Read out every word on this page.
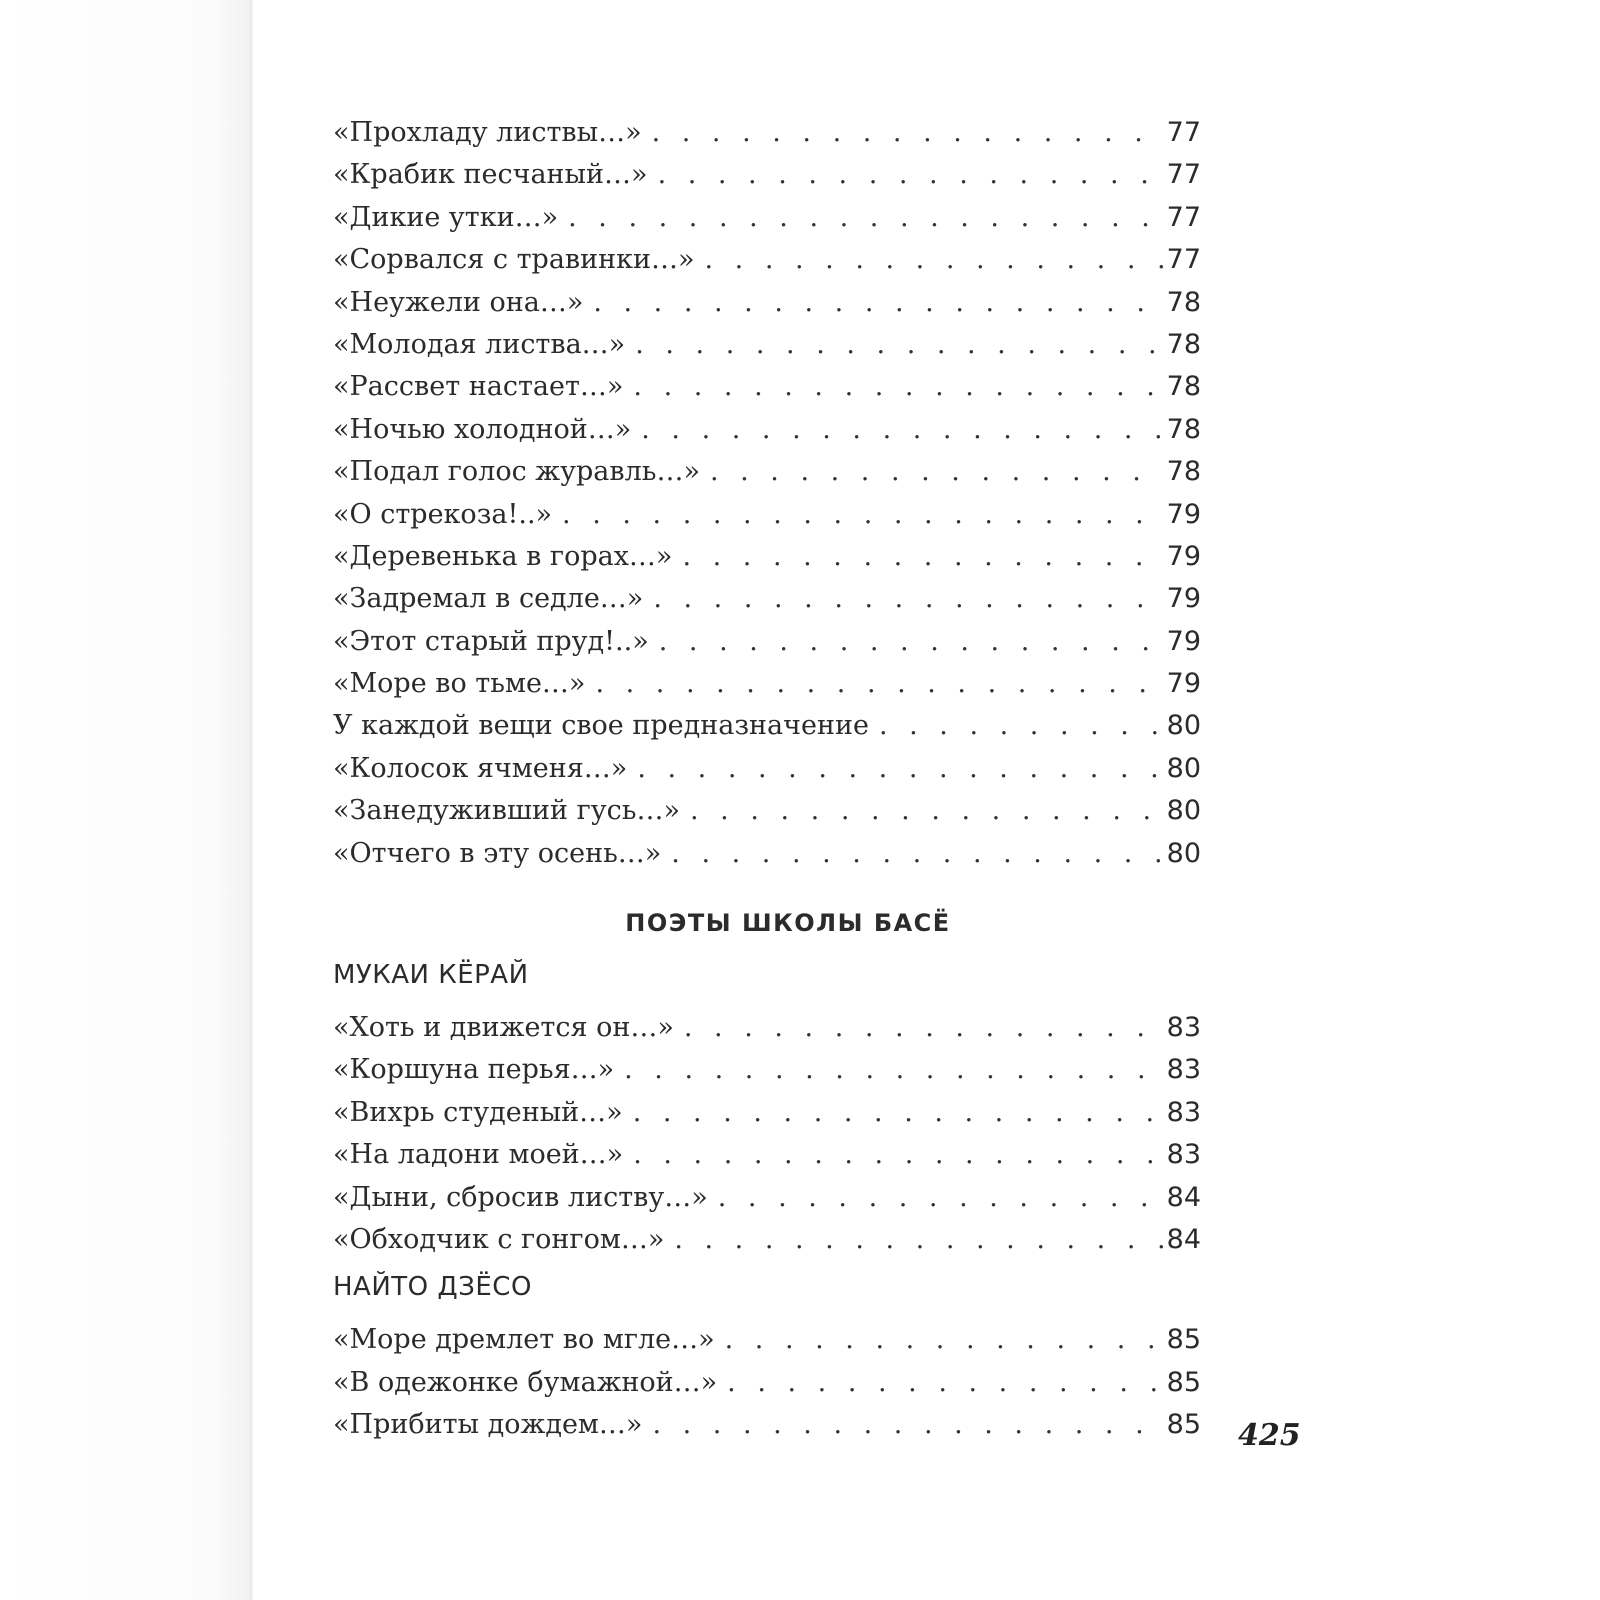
«Прохладу листвы…» . . .	77
«Крабик песчаный…» . . .	77
«Дикие утки…» . . .	77
«Сорвался с травинки…» . . .	77
«Неужели она…» . . .	78
«Молодая листва…» . . .	78
«Рассвет настает…» . . .	78
«Ночью холодной…» . . .	78
«Подал голос журавль…» . . .	78
«О стрекоза!..» . . .	79
«Деревенька в горах…» . . .	79
«Задремал в седле…» . . .	79
«Этот старый пруд!..» . . .	79
«Море во тьме…» . . .	79
У каждой вещи свое предназначение . . .	80
«Колосок ячменя…» . . .	80
«Занедуживший гусь…» . . .	80
«Отчего в эту осень…» . . .	80
ПОЭТЫ ШКОЛЫ БАСЁ
МУКАИ КЁРАЙ
«Хоть и движется он…» . . .	83
«Коршуна перья…» . . .	83
«Вихрь студеный…» . . .	83
«На ладони моей…» . . .	83
«Дыни, сбросив листву…» . . .	84
«Обходчик с гонгом…» . . .	84
НАЙТО ДЗЁСО
«Море дремлет во мгле…» . . .	85
«В одежонке бумажной…» . . .	85
«Прибиты дождем…» . . .	85 425
